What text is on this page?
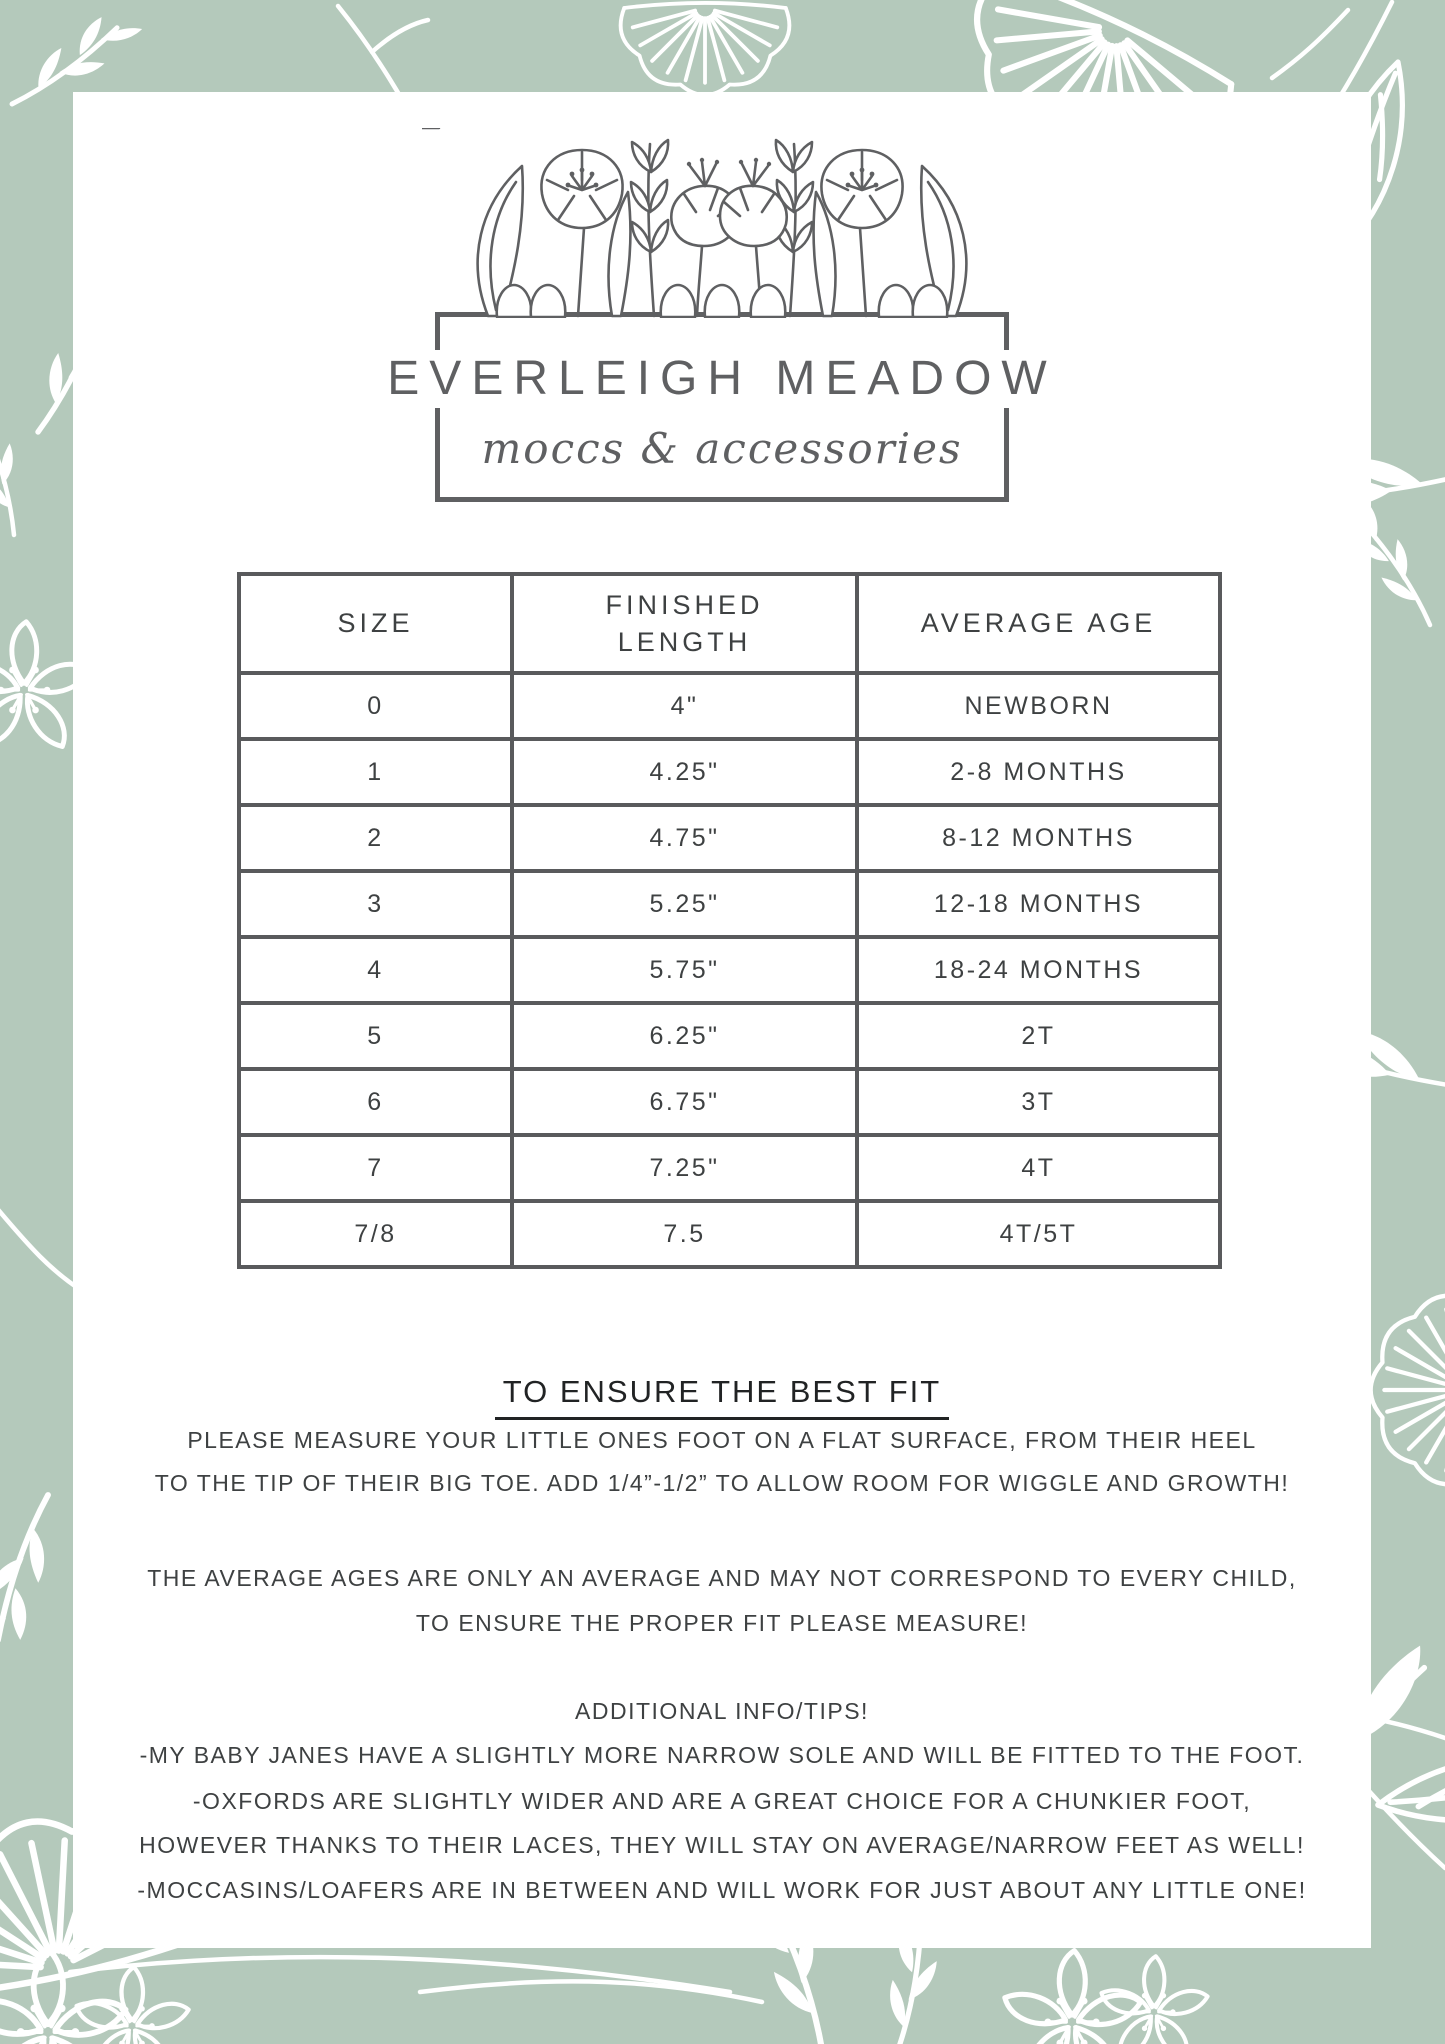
EVERLEIGH MEADOW
moccs & accessories
SIZE	FINISHED LENGTH	AVERAGE AGE
0	4"	NEWBORN
1	4.25"	2-8 MONTHS
2	4.75"	8-12 MONTHS
3	5.25"	12-18 MONTHS
4	5.75"	18-24 MONTHS
5	6.25"	2T
6	6.75"	3T
7	7.25"	4T
7/8	7.5	4T/5T
TO ENSURE THE BEST FIT
PLEASE MEASURE YOUR LITTLE ONES FOOT ON A FLAT SURFACE, FROM THEIR HEEL
TO THE TIP OF THEIR BIG TOE. ADD 1/4”-1/2” TO ALLOW ROOM FOR WIGGLE AND GROWTH!
THE AVERAGE AGES ARE ONLY AN AVERAGE AND MAY NOT CORRESPOND TO EVERY CHILD,
TO ENSURE THE PROPER FIT PLEASE MEASURE!
ADDITIONAL INFO/TIPS!
-MY BABY JANES HAVE A SLIGHTLY MORE NARROW SOLE AND WILL BE FITTED TO THE FOOT.
-OXFORDS ARE SLIGHTLY WIDER AND ARE A GREAT CHOICE FOR A CHUNKIER FOOT,
HOWEVER THANKS TO THEIR LACES, THEY WILL STAY ON AVERAGE/NARROW FEET AS WELL!
-MOCCASINS/LOAFERS ARE IN BETWEEN AND WILL WORK FOR JUST ABOUT ANY LITTLE ONE!
